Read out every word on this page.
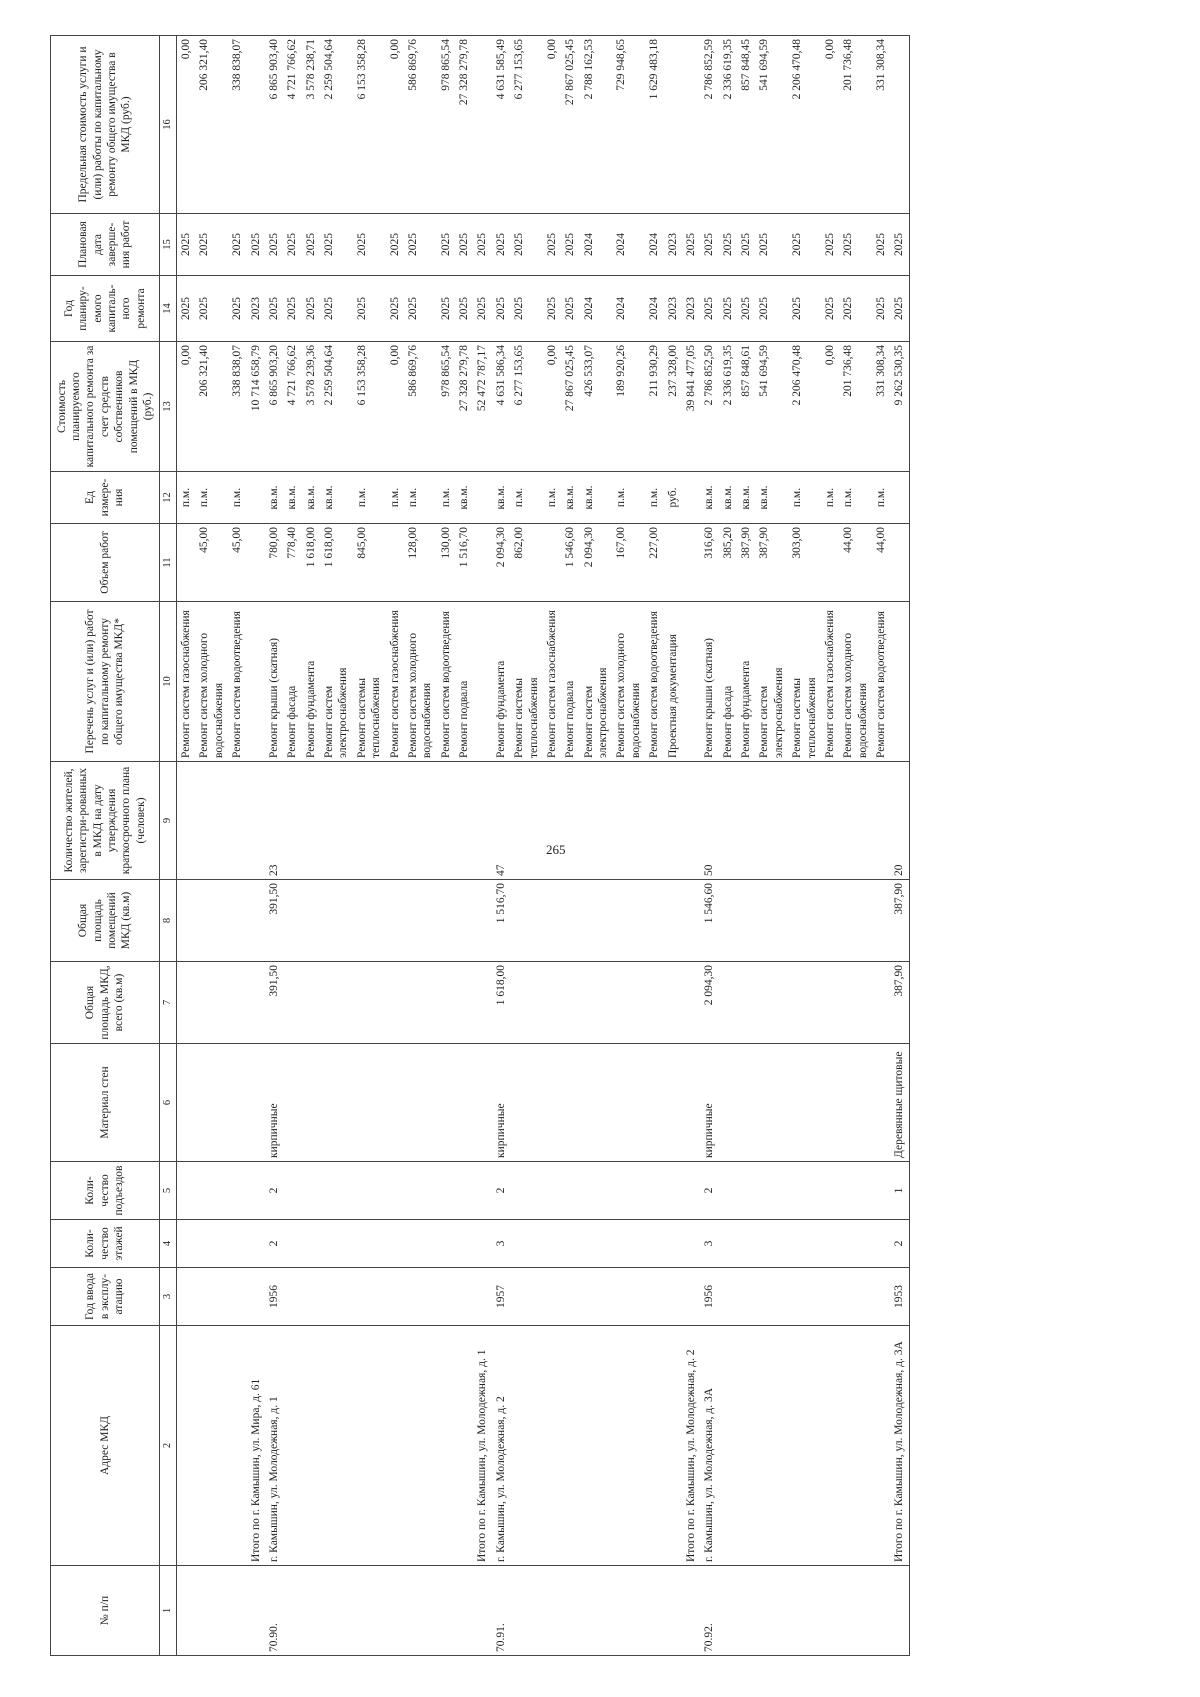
265
№ п/п	Адрес МКД	Год ввода в эксплу-атацию	Коли-чество этажей	Коли-чество подъездов	Материал стен	Общая площадь МКД, всего (кв.м)	Общая площадь помещений МКД (кв.м)	Количество жителей, зарегистри-рованных в МКД на дату утверждения краткосрочного плана (человек)	Перечень услуг и (или) работ по капитальному ремонту общего имущества МКД*	Объем работ	Ед измере-ния	Стоимость планируемого капитального ремонта за счет средств собственников помещений в МКД (руб.)	Год планиру-емого капиталь-ного ремонта	Плановая дата заверше-ния работ	Предельная стоимость услуги и (или) работы по капитальному ремонту общего имущества в МКД (руб.)
1	2	3	4	5	6	7	8	9	10	11	12	13	14	15	16
									Ремонт систем газоснабжения		п.м.	0,00	2025	2025	0,00
									Ремонт систем холодного водоснабжения	45,00	п.м.	206 321,40	2025	2025	206 321,40
									Ремонт систем водоотведения	45,00	п.м.	338 838,07	2025	2025	338 838,07
	Итого по г. Камышин, ул. Мира, д. 61											10 714 658,79	2023	2025	
70.90.	г. Камышин, ул. Молодежная, д. 1	1956	2	2	кирпичные	391,50	391,50	23	Ремонт крыши (скатная)	780,00	кв.м.	6 865 903,20	2025	2025	6 865 903,40
									Ремонт фасада	778,40	кв.м.	4 721 766,62	2025	2025	4 721 766,62
									Ремонт фундамента	1 618,00	кв.м.	3 578 239,36	2025	2025	3 578 238,71
									Ремонт систем электроснабжения	1 618,00	кв.м.	2 259 504,64	2025	2025	2 259 504,64
									Ремонт системы теплоснабжения	845,00	п.м.	6 153 358,28	2025	2025	6 153 358,28
									Ремонт систем газоснабжения		п.м.	0,00	2025	2025	0,00
									Ремонт систем холодного водоснабжения	128,00	п.м.	586 869,76	2025	2025	586 869,76
									Ремонт систем водоотведения	130,00	п.м.	978 865,54	2025	2025	978 865,54
									Ремонт подвала	1 516,70	кв.м.	27 328 279,78	2025	2025	27 328 279,78
	Итого по г. Камышин, ул. Молодежная, д. 1											52 472 787,17	2025	2025	
70.91.	г. Камышин, ул. Молодежная, д. 2	1957	3	2	кирпичные	1 618,00	1 516,70	47	Ремонт фундамента	2 094,30	кв.м.	4 631 586,34	2025	2025	4 631 585,49
									Ремонт системы теплоснабжения	862,00	п.м.	6 277 153,65	2025	2025	6 277 153,65
									Ремонт систем газоснабжения		п.м.	0,00	2025	2025	0,00
									Ремонт подвала	1 546,60	кв.м.	27 867 025,45	2025	2025	27 867 025,45
									Ремонт систем электроснабжения	2 094,30	кв.м.	426 533,07	2024	2024	2 788 162,53
									Ремонт систем холодного водоснабжения	167,00	п.м.	189 920,26	2024	2024	729 948,65
									Ремонт систем водоотведения	227,00	п.м.	211 930,29	2024	2024	1 629 483,18
									Проектная документация		руб.	237 328,00	2023	2023	
	Итого по г. Камышин, ул. Молодежная, д. 2											39 841 477,05	2023	2025	
70.92.	г. Камышин, ул. Молодежная, д. 3А	1956	3	2	кирпичные	2 094,30	1 546,60	50	Ремонт крыши (скатная)	316,60	кв.м.	2 786 852,50	2025	2025	2 786 852,59
									Ремонт фасада	385,20	кв.м.	2 336 619,35	2025	2025	2 336 619,35
									Ремонт фундамента	387,90	кв.м.	857 848,61	2025	2025	857 848,45
									Ремонт систем электроснабжения	387,90	кв.м.	541 694,59	2025	2025	541 694,59
									Ремонт системы теплоснабжения	303,00	п.м.	2 206 470,48	2025	2025	2 206 470,48
									Ремонт систем газоснабжения		п.м.	0,00	2025	2025	0,00
									Ремонт систем холодного водоснабжения	44,00	п.м.	201 736,48	2025	2025	201 736,48
									Ремонт систем водоотведения	44,00	п.м.	331 308,34	2025	2025	331 308,34
	Итого по г. Камышин, ул. Молодежная, д. 3А	1953	2	1	Деревянные щитовые	387,90	387,90	20				9 262 530,35	2025	2025	
